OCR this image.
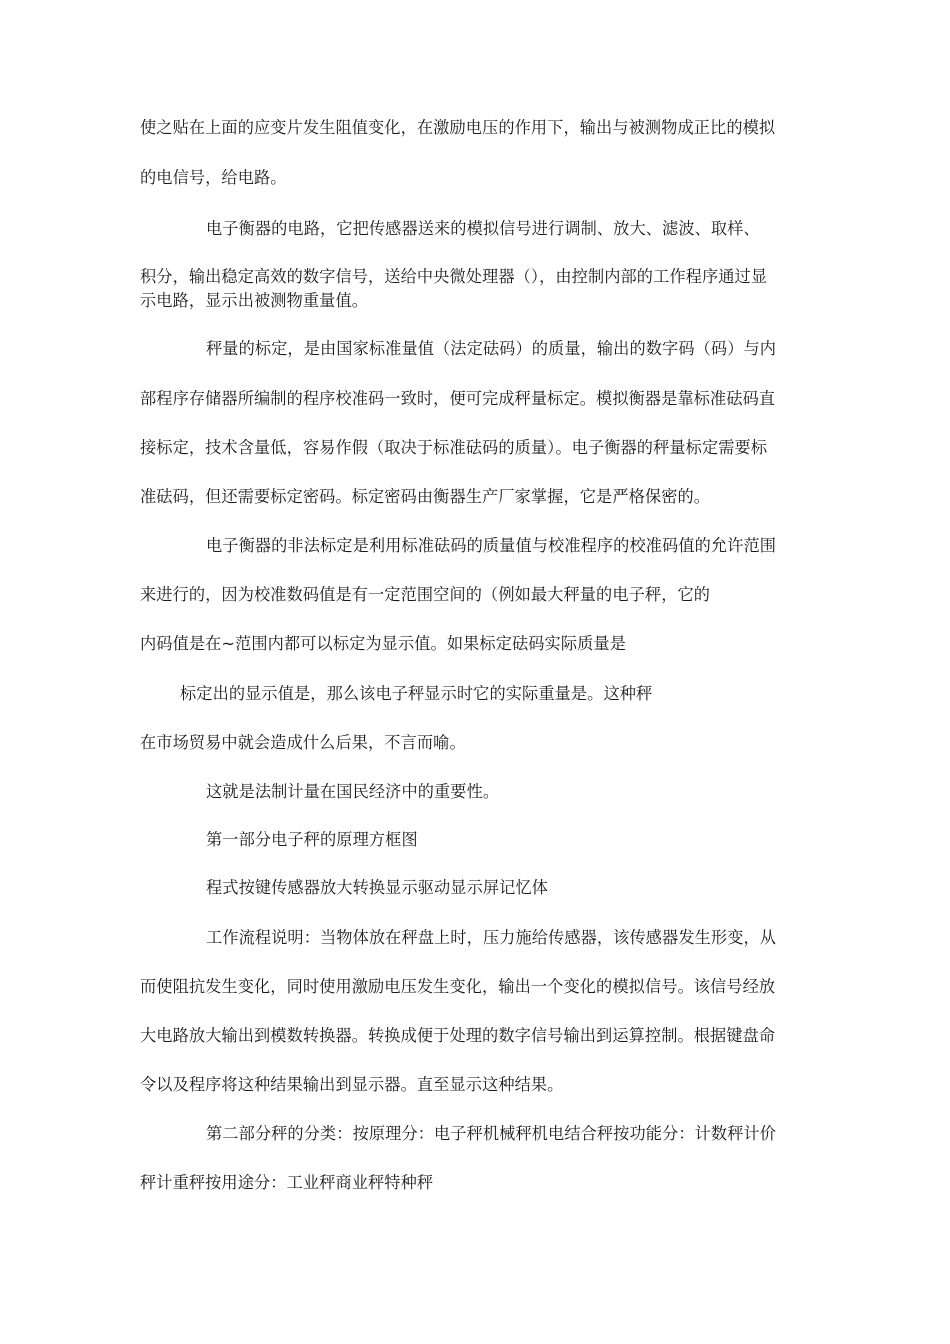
使之贴在上面的应变片发生阻值变化，在激励电压的作用下，输出与被测物成正比的模拟
的电信号，给电路。
电子衡器的电路，它把传感器送来的模拟信号进行调制、放大、滤波、取样、
积分，输出稳定高效的数字信号，送给中央微处理器（），由控制内部的工作程序通过显
示电路，显示出被测物重量值。
秤量的标定，是由国家标准量值（法定砝码）的质量，输出的数字码（码）与内
部程序存储器所编制的程序校准码一致时，便可完成秤量标定。模拟衡器是靠标准砝码直
接标定，技术含量低，容易作假（取决于标准砝码的质量）。电子衡器的秤量标定需要标
准砝码，但还需要标定密码。标定密码由衡器生产厂家掌握，它是严格保密的。
电子衡器的非法标定是利用标准砝码的质量值与校准程序的校准码值的允许范围
来进行的，因为校准数码值是有一定范围空间的（例如最大秤量的电子秤，它的
内码值是在~范围内都可以标定为显示值。如果标定砝码实际质量是
标定出的显示值是，那么该电子秤显示时它的实际重量是。这种秤
在市场贸易中就会造成什么后果，不言而喻。
这就是法制计量在国民经济中的重要性。
第一部分电子秤的原理方框图
程式按键传感器放大转换显示驱动显示屏记忆体
工作流程说明：当物体放在秤盘上时，压力施给传感器，该传感器发生形变，从
而使阻抗发生变化，同时使用激励电压发生变化，输出一个变化的模拟信号。该信号经放
大电路放大输出到模数转换器。转换成便于处理的数字信号输出到运算控制。根据键盘命
令以及程序将这种结果输出到显示器。直至显示这种结果。
第二部分秤的分类：按原理分：电子秤机械秤机电结合秤按功能分：计数秤计价
秤计重秤按用途分：工业秤商业秤特种秤
